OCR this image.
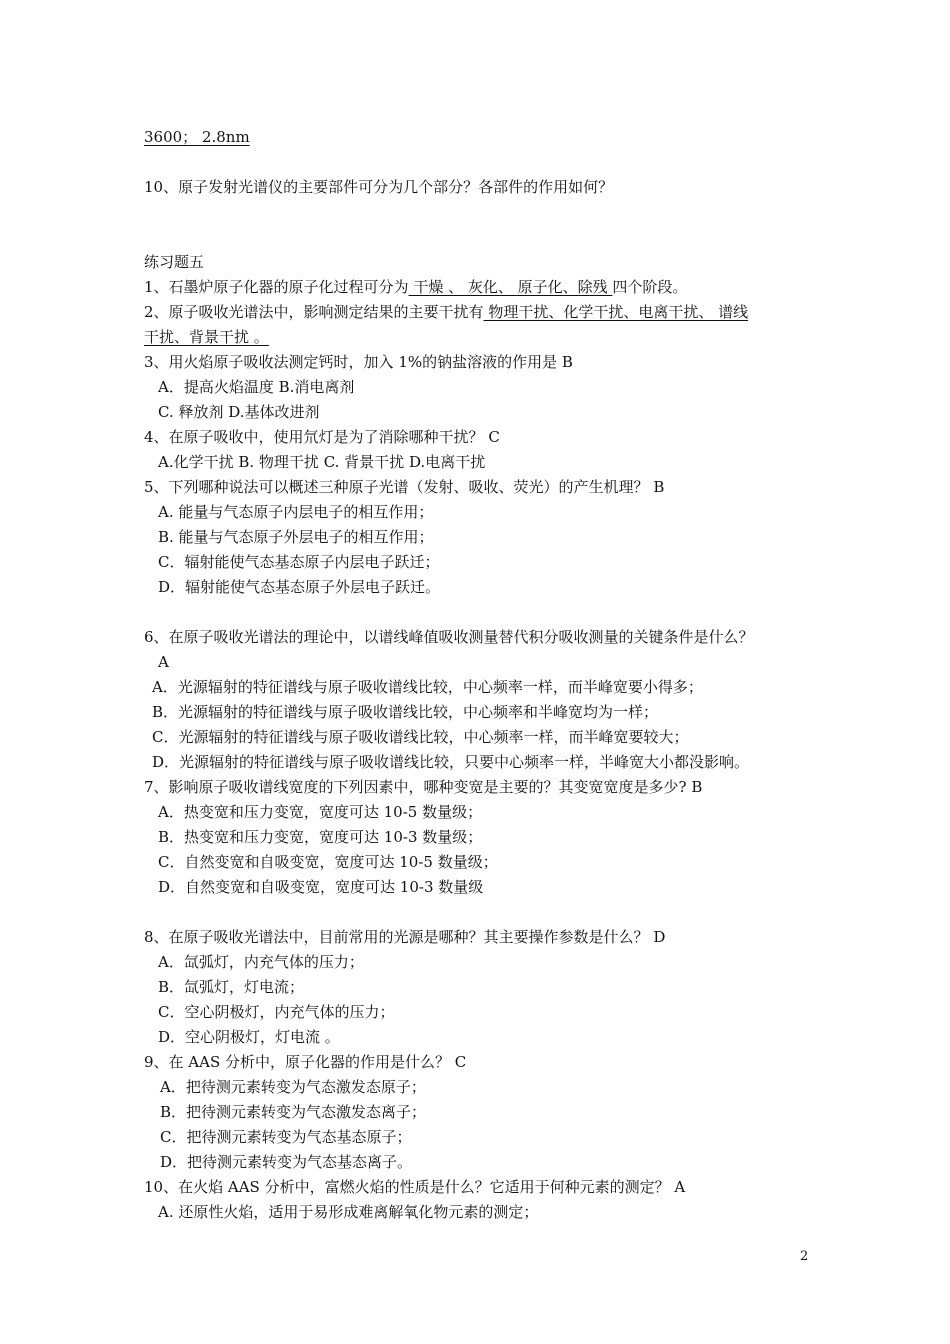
3600； 2.8nm
10、原子发射光谱仪的主要部件可分为几个部分？各部件的作用如何？
练习题五
1、石墨炉原子化器的原子化过程可分为 干燥 、 灰化、 原子化、除残 四个阶段。
2、原子吸收光谱法中，影响测定结果的主要干扰有 物理干扰、化学干扰、电离干扰、 谱线
干扰、背景干扰 。
3、用火焰原子吸收法测定钙时，加入 1%的钠盐溶液的作用是 B
A．提高火焰温度 B.消电离剂
C. 释放剂 D.基体改进剂
4、在原子吸收中，使用氘灯是为了消除哪种干扰？ C
A.化学干扰 B. 物理干扰 C. 背景干扰 D.电离干扰
5、下列哪种说法可以概述三种原子光谱（发射、吸收、荧光）的产生机理？ B
A. 能量与气态原子内层电子的相互作用；
B. 能量与气态原子外层电子的相互作用；
C．辐射能使气态基态原子内层电子跃迁；
D．辐射能使气态基态原子外层电子跃迁。
6、在原子吸收光谱法的理论中，以谱线峰值吸收测量替代积分吸收测量的关键条件是什么？
A
A．光源辐射的特征谱线与原子吸收谱线比较，中心频率一样，而半峰宽要小得多；
B．光源辐射的特征谱线与原子吸收谱线比较，中心频率和半峰宽均为一样；
C．光源辐射的特征谱线与原子吸收谱线比较，中心频率一样，而半峰宽要较大；
D．光源辐射的特征谱线与原子吸收谱线比较，只要中心频率一样，半峰宽大小都没影响。
7、影响原子吸收谱线宽度的下列因素中，哪种变宽是主要的？其变宽宽度是多少? B
A．热变宽和压力变宽，宽度可达 10-5 数量级；
B．热变宽和压力变宽，宽度可达 10-3 数量级；
C．自然变宽和自吸变宽，宽度可达 10-5 数量级；
D．自然变宽和自吸变宽，宽度可达 10-3 数量级
8、在原子吸收光谱法中，目前常用的光源是哪种？其主要操作参数是什么？ D
A．氙弧灯，内充气体的压力；
B．氙弧灯，灯电流；
C．空心阴极灯，内充气体的压力；
D．空心阴极灯，灯电流 。
9、在 AAS 分析中，原子化器的作用是什么？ C
A．把待测元素转变为气态激发态原子；
B．把待测元素转变为气态激发态离子；
C．把待测元素转变为气态基态原子；
D．把待测元素转变为气态基态离子。
10、在火焰 AAS 分析中，富燃火焰的性质是什么？它适用于何种元素的测定？ A
A. 还原性火焰，适用于易形成难离解氧化物元素的测定；
2
